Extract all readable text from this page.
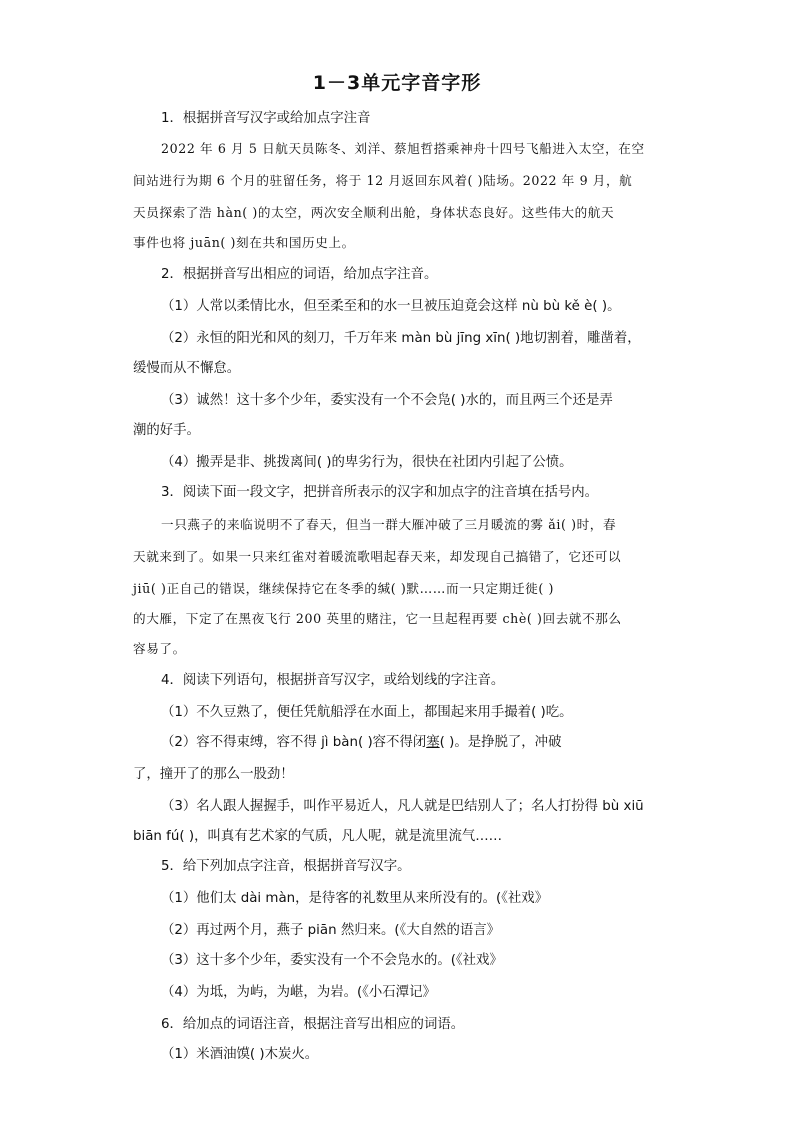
1－3单元字音字形
1．根据拼音写汉字或给加点字注音
2022 年 6 月 5 日航天员陈冬、刘洋、蔡旭哲搭乘神舟十四号飞船进入太空，在空
间站进行为期 6 个月的驻留任务，将于 12 月返回东风着( )陆场。2022 年 9 月，航
天员探索了浩 hàn( )的太空，两次安全顺利出舱，身体状态良好。这些伟大的航天
事件也将 juān( )刻在共和国历史上。
2．根据拼音写出相应的词语，给加点字注音。
（1）人常以柔情比水，但至柔至和的水一旦被压迫竟会这样 nù bù kě è( )。
（2）永恒的阳光和风的刻刀，千万年来 màn bù jīng xīn( )地切割着，雕凿着，
缓慢而从不懈怠。
（3）诚然！这十多个少年，委实没有一个不会凫( )水的，而且两三个还是弄
潮的好手。
（4）搬弄是非、挑拨离间( )的卑劣行为，很快在社团内引起了公愤。
3．阅读下面一段文字，把拼音所表示的汉字和加点字的注音填在括号内。
一只燕子的来临说明不了春天，但当一群大雁冲破了三月暖流的雾 ǎi( )时，春
天就来到了。如果一只来红雀对着暖流歌唱起春天来，却发现自己搞错了，它还可以
jiū( )正自己的错误，继续保持它在冬季的缄( )默……而一只定期迁徙( )
的大雁，下定了在黑夜飞行 200 英里的赌注，它一旦起程再要 chè( )回去就不那么
容易了。
4．阅读下列语句，根据拼音写汉字，或给划线的字注音。
（1）不久豆熟了，便任凭航船浮在水面上，都围起来用手撮着( )吃。
（2）容不得束缚，容不得 jì bàn( )容不得闭塞( )。是挣脱了，冲破
了，撞开了的那么一股劲！
（3）名人跟人握握手，叫作平易近人，凡人就是巴结别人了；名人打扮得 bù xiū
biān fú( )，叫真有艺术家的气质，凡人呢，就是流里流气……
5．给下列加点字注音，根据拼音写汉字。
（1）他们太 dài màn，是待客的礼数里从来所没有的。(《社戏》
（2）再过两个月，燕子 piān 然归来。(《大自然的语言》
（3）这十多个少年，委实没有一个不会凫水的。(《社戏》
（4）为坻，为屿，为嵁，为岩。(《小石潭记》
6．给加点的词语注音，根据注音写出相应的词语。
（1）米酒油馍( )木炭火。
